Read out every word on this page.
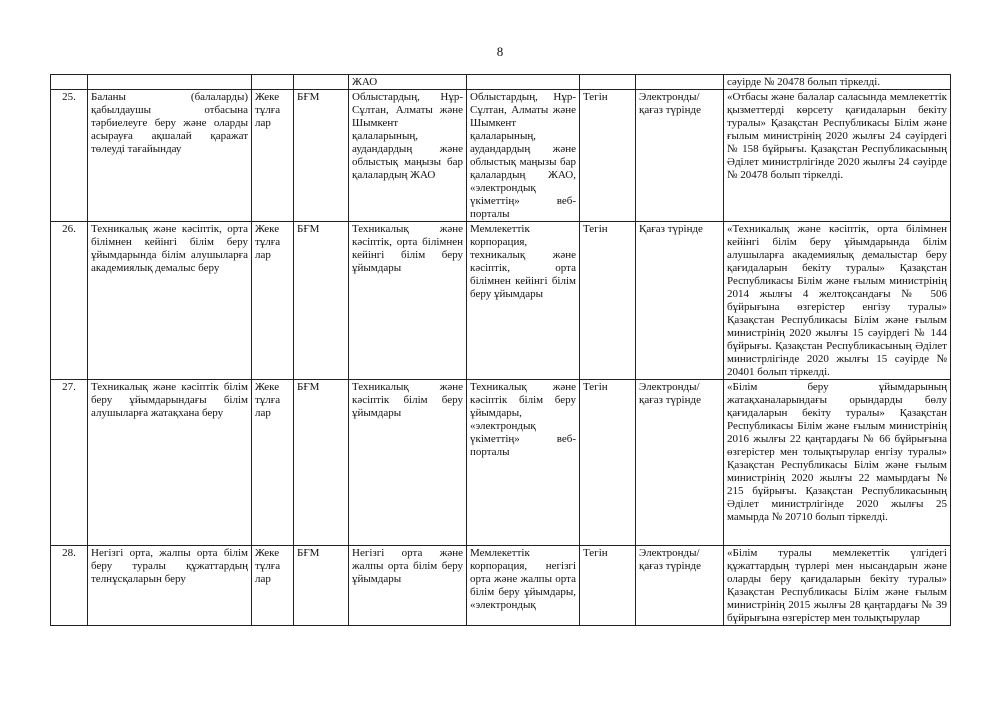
8
				ЖАО				сәуірде № 20478 болып тіркелді.
25.	Баланы (балаларды) қабылдаушы отбасына тәрбиелеуге беру және оларды асырауға ақшалай қаражат төлеуді тағайындау	Жеке тұлға лар	БҒМ	Облыстардың, Нұр-Сұлтан, Алматы және Шымкент қалаларының, аудандардың және облыстық маңызы бар қалалардың ЖАО	Облыстардың, Нұр-Сұлтан, Алматы және Шымкент қалаларының, аудандардың және облыстық маңызы бар қалалардың ЖАО, «электрондық үкіметтің» веб-порталы	Тегін	Электронды/ қағаз түрінде	«Отбасы және балалар саласында мемлекеттік қызметтерді көрсету қағидаларын бекіту туралы» Қазақстан Республикасы Білім және ғылым министрінің 2020 жылғы 24 сәуірдегі № 158 бұйрығы. Қазақстан Республикасының Әділет министрлігінде 2020 жылғы 24 сәуірде № 20478 болып тіркелді.
26.	Техникалық және кәсіптік, орта білімнен кейінгі білім беру ұйымдарында білім алушыларға академиялық демалыс беру	Жеке тұлға лар	БҒМ	Техникалық және кәсіптік, орта білімнен кейінгі білім беру ұйымдары	Мемлекеттік корпорация, техникалық және кәсіптік, орта білімнен кейінгі білім беру ұйымдары	Тегін	Қағаз түрінде	«Техникалық және кәсіптік, орта білімнен кейінгі білім беру ұйымдарында білім алушыларға академиялық демалыстар беру қағидаларын бекіту туралы» Қазақстан Республикасы Білім және ғылым министрінің 2014 жылғы 4 желтоқсандағы № 506 бұйрығына өзгерістер енгізу туралы» Қазақстан Республикасы Білім және ғылым министрінің 2020 жылғы 15 сәуірдегі № 144 бұйрығы. Қазақстан Республикасының Әділет министрлігінде 2020 жылғы 15 сәуірде № 20401 болып тіркелді.
27.	Техникалық және кәсіптік білім беру ұйымдарындағы білім алушыларға жатақхана беру	Жеке тұлға лар	БҒМ	Техникалық және кәсіптік білім беру ұйымдары	Техникалық және кәсіптік білім беру ұйымдары, «электрондық үкіметтің» веб-порталы	Тегін	Электронды/ қағаз түрінде	«Білім беру ұйымдарының жатақханаларындағы орындарды бөлу қағидаларын бекіту туралы» Қазақстан Республикасы Білім және ғылым министрінің 2016 жылғы 22 қаңтардағы № 66 бұйрығына өзгерістер мен толықтырулар енгізу туралы» Қазақстан Республикасы Білім және ғылым министрінің 2020 жылғы 22 мамырдағы № 215 бұйрығы. Қазақстан Республикасының Әділет министрлігінде 2020 жылғы 25 мамырда № 20710 болып тіркелді.
28.	Негізгі орта, жалпы орта білім беру туралы құжаттардың телнұсқаларын беру	Жеке тұлға лар	БҒМ	Негізгі орта және жалпы орта білім беру ұйымдары	Мемлекеттік корпорация, негізгі орта және жалпы орта білім беру ұйымдары, «электрондық	Тегін	Электронды/ қағаз түрінде	«Білім туралы мемлекеттік үлгідегі құжаттардың түрлері мен нысандарын және оларды беру қағидаларын бекіту туралы» Қазақстан Республикасы Білім және ғылым министрінің 2015 жылғы 28 қаңтардағы № 39 бұйрығына өзгерістер мен толықтырулар
